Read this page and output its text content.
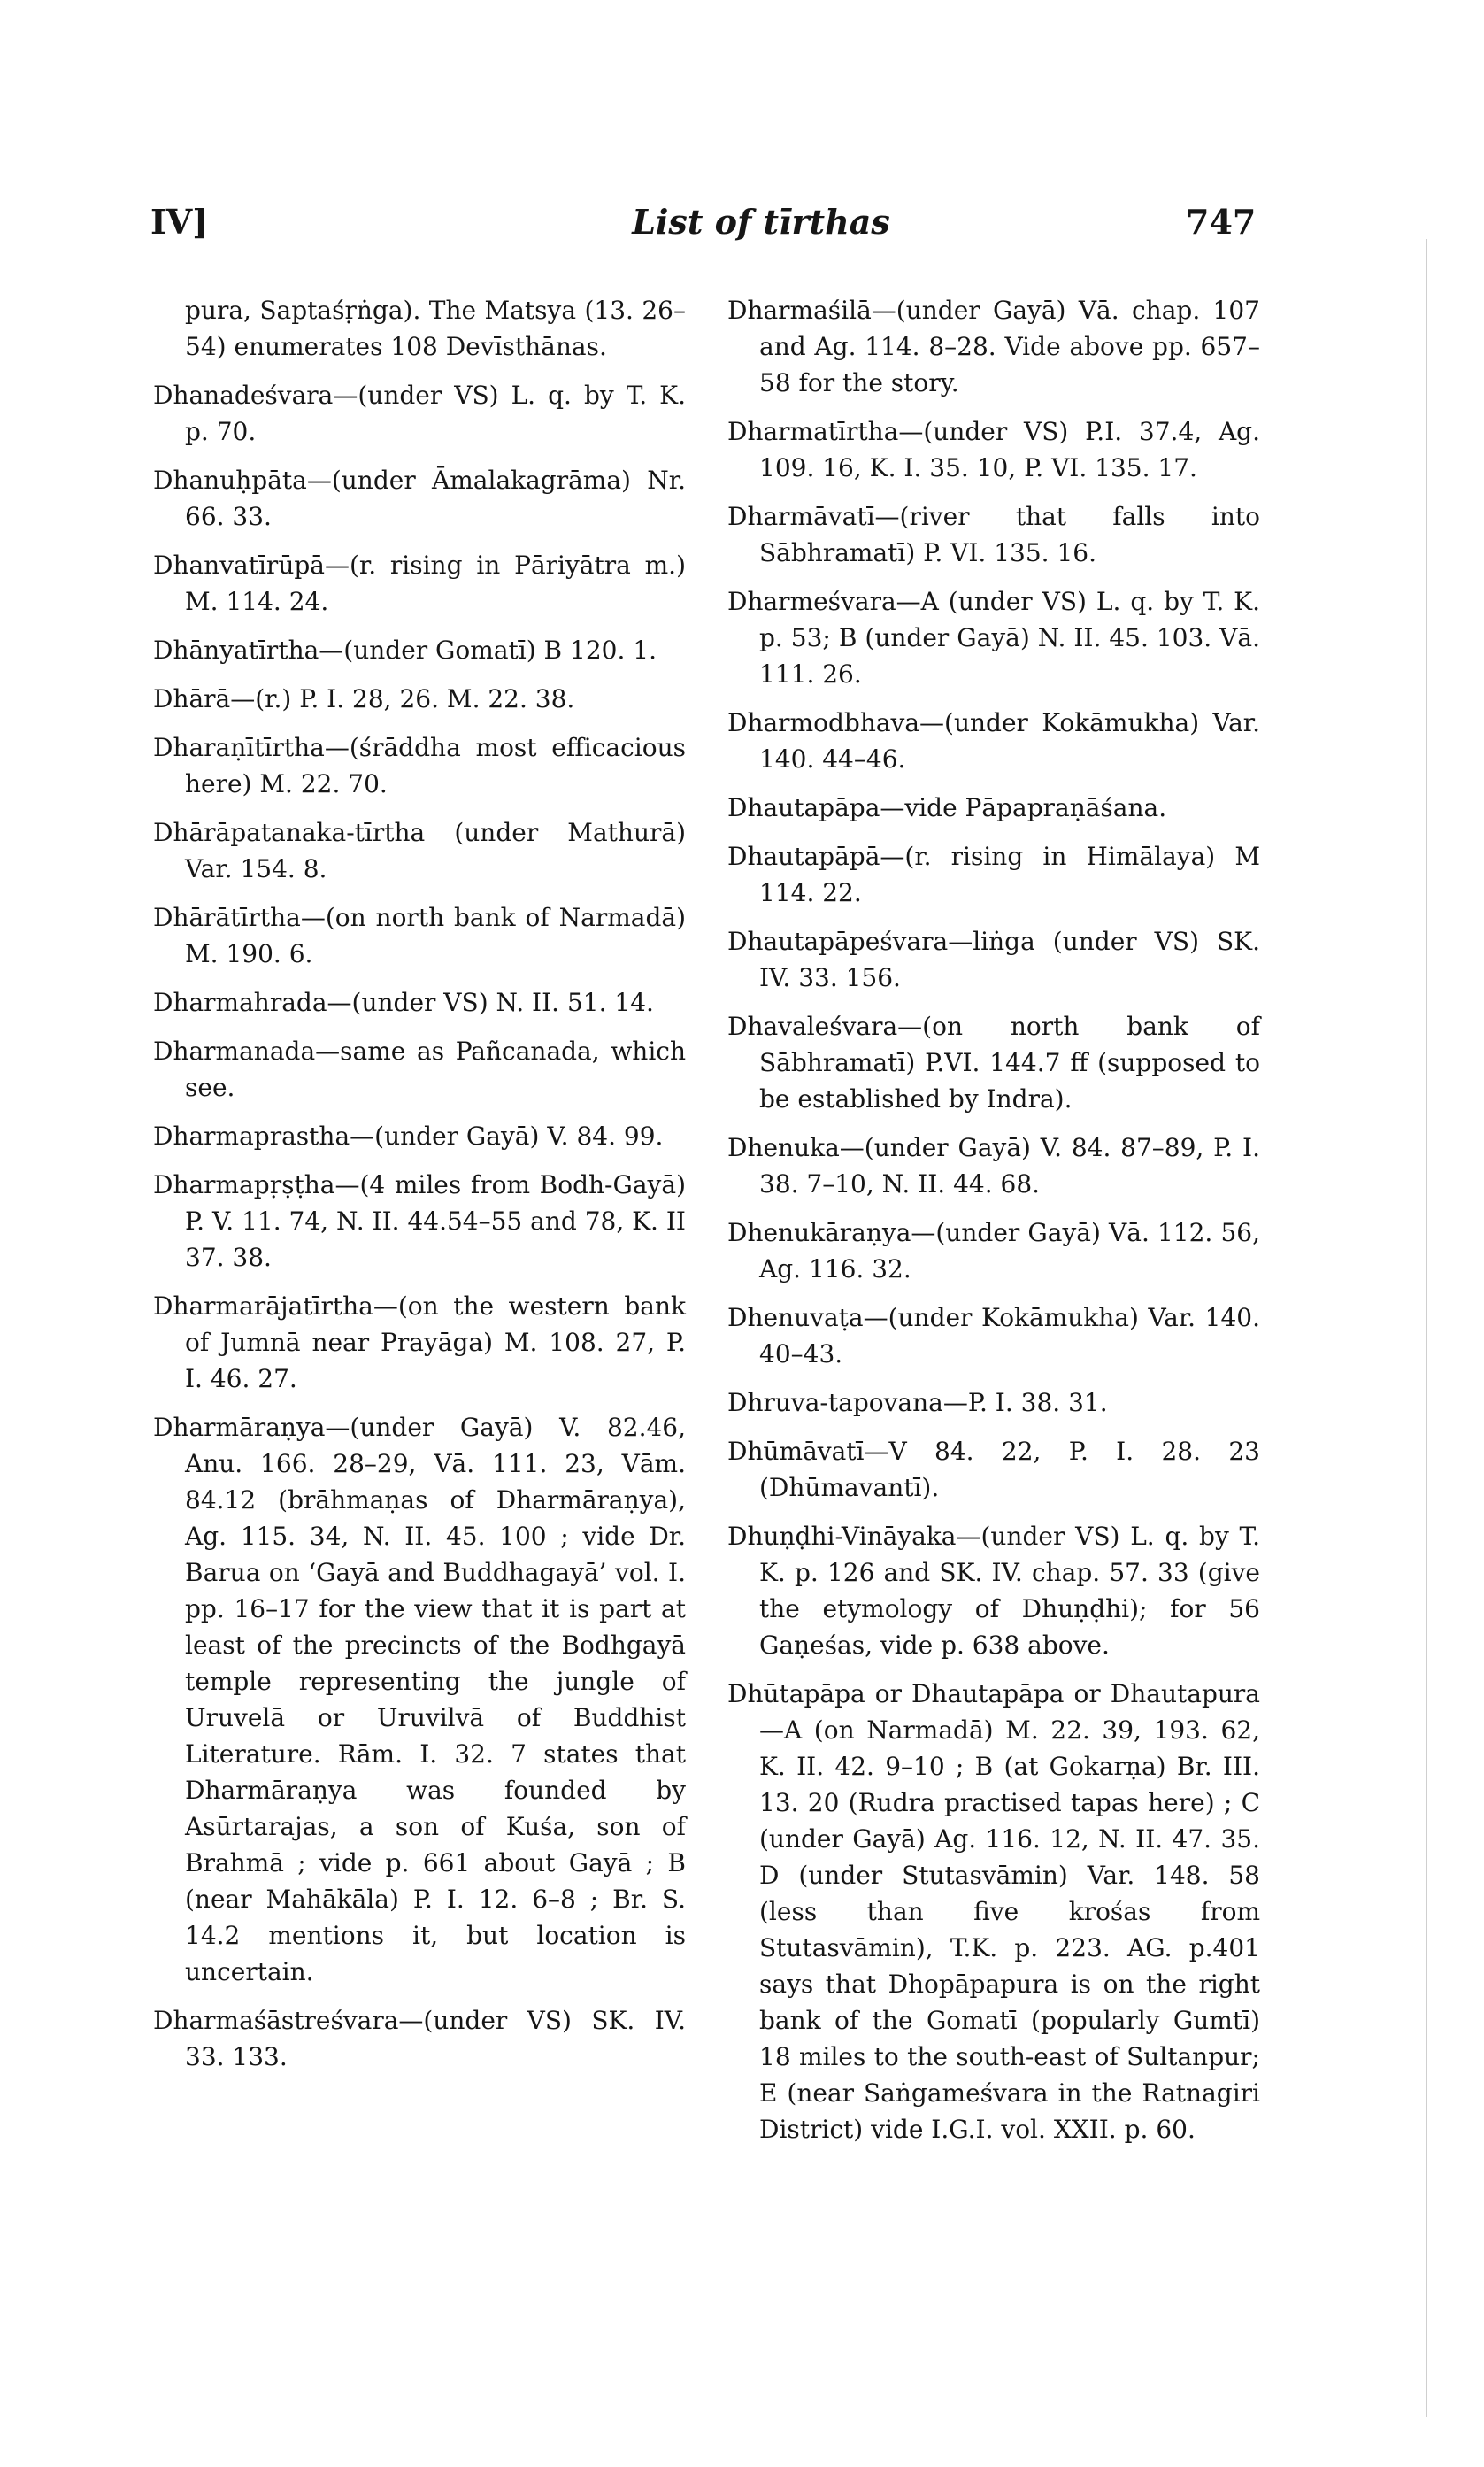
IV]	List of tīrthas	747

pura, Saptaśṛṅga). The Matsya (13. 26–54) enumerates 108 Devīsthānas.

Dhanadeśvara—(under VS) L. q. by T. K. p. 70.

Dhanuḥpāta—(under Āmalakagrāma) Nr. 66. 33.

Dhanvatīrūpā—(r. rising in Pāriyātra m.) M. 114. 24.

Dhānyatīrtha—(under Gomatī) B 120. 1.

Dhārā—(r.) P. I. 28, 26. M. 22. 38.

Dharaṇītīrtha—(śrāddha most efficacious here) M. 22. 70.

Dhārāpatanaka-tīrtha (under Mathurā) Var. 154. 8.

Dhārātīrtha—(on north bank of Narmadā) M. 190. 6.

Dharmahrada—(under VS) N. II. 51. 14.

Dharmanada—same as Pañcanada, which see.

Dharmaprastha—(under Gayā) V. 84. 99.

Dharmapṛṣṭha—(4 miles from Bodh-Gayā) P. V. 11. 74, N. II. 44.54–55 and 78, K. II 37. 38.

Dharmarājatīrtha—(on the western bank of Jumnā near Prayāga) M. 108. 27, P. I. 46. 27.

Dharmāraṇya—(under Gayā) V. 82.46, Anu. 166. 28–29, Vā. 111. 23, Vām. 84.12 (brāhmaṇas of Dharmāraṇya), Ag. 115. 34, N. II. 45. 100 ; vide Dr. Barua on ‘Gayā and Buddhagayā’ vol. I. pp. 16–17 for the view that it is part at least of the precincts of the Bodhgayā temple representing the jungle of Uruvelā or Uruvilvā of Buddhist Literature. Rām. I. 32. 7 states that Dharmāraṇya was founded by Asūrtarajas, a son of Kuśa, son of Brahmā ; vide p. 661 about Gayā ; B (near Mahākāla) P. I. 12. 6–8 ; Br. S. 14.2 mentions it, but location is uncertain.

Dharmaśāstreśvara—(under VS) SK. IV. 33. 133.

Dharmaśilā—(under Gayā) Vā. chap. 107 and Ag. 114. 8–28. Vide above pp. 657–58 for the story.

Dharmatīrtha—(under VS) P.I. 37.4, Ag. 109. 16, K. I. 35. 10, P. VI. 135. 17.

Dharmāvatī—(river that falls into Sābhramatī) P. VI. 135. 16.

Dharmeśvara—A (under VS) L. q. by T. K. p. 53; B (under Gayā) N. II. 45. 103. Vā. 111. 26.

Dharmodbhava—(under Kokāmukha) Var. 140. 44–46.

Dhautapāpa—vide Pāpapraṇāśana.

Dhautapāpā—(r. rising in Himālaya) M 114. 22.

Dhautapāpeśvara—liṅga (under VS) SK. IV. 33. 156.

Dhavaleśvara—(on north bank of Sābhramatī) P.VI. 144.7 ff (supposed to be established by Indra).

Dhenuka—(under Gayā) V. 84. 87–89, P. I. 38. 7–10, N. II. 44. 68.

Dhenukāraṇya—(under Gayā) Vā. 112. 56, Ag. 116. 32.

Dhenuvaṭa—(under Kokāmukha) Var. 140. 40–43.

Dhruva-tapovana—P. I. 38. 31.

Dhūmāvatī—V 84. 22, P. I. 28. 23 (Dhūmavantī).

Dhuṇḍhi-Vināyaka—(under VS) L. q. by T. K. p. 126 and SK. IV. chap. 57. 33 (give the etymology of Dhuṇḍhi); for 56 Gaṇeśas, vide p. 638 above.

Dhūtapāpa or Dhautapāpa or Dhautapura—A (on Narmadā) M. 22. 39, 193. 62, K. II. 42. 9–10 ; B (at Gokarṇa) Br. III. 13. 20 (Rudra practised tapas here) ; C (under Gayā) Ag. 116. 12, N. II. 47. 35. D (under Stutasvāmin) Var. 148. 58 (less than five krośas from Stutasvāmin), T.K. p. 223. AG. p.401 says that Dhopāpapura is on the right bank of the Gomatī (popularly Gumtī) 18 miles to the south-east of Sultanpur; E (near Saṅgameśvara in the Ratnagiri District) vide I.G.I. vol. XXII. p. 60.
